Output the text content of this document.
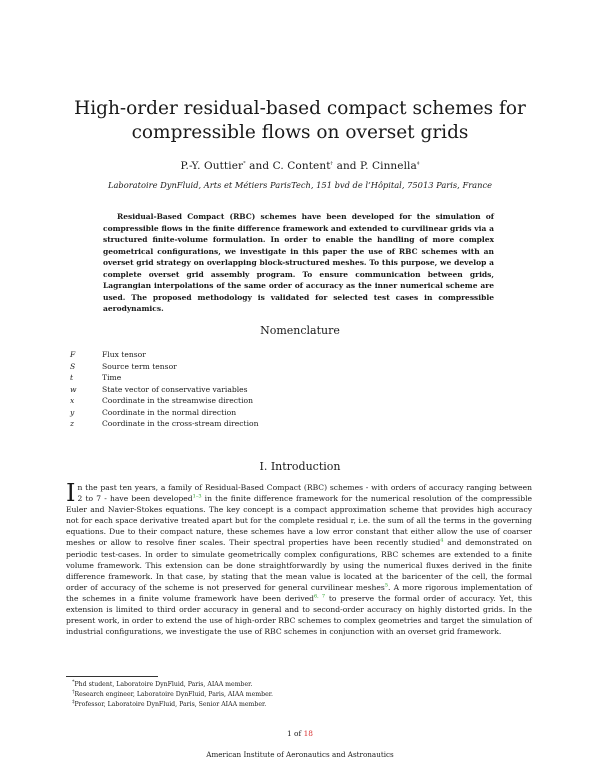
High-order residual-based compact schemes for
compressible flows on overset grids
P.-Y. Outtier* and C. Content† and P. Cinnella‡
Laboratoire DynFluid, Arts et Métiers ParisTech, 151 bvd de l’Hôpital, 75013 Paris, France

Residual-Based Compact (RBC) schemes have been developed for the simulation of compressible flows in the finite difference framework and extended to curvilinear grids via a structured finite-volume formulation. In order to enable the handling of more complex geometrical configurations, we investigate in this paper the use of RBC schemes with an overset grid strategy on overlapping block-structured meshes. To this purpose, we develop a complete overset grid assembly program. To ensure communication between grids, Lagrangian interpolations of the same order of accuracy as the inner numerical scheme are used. The proposed methodology is validated for selected test cases in compressible aerodynamics.

Nomenclature
F	Flux tensor
S	Source term tensor
t	Time
w	State vector of conservative variables
x	Coordinate in the streamwise direction
y	Coordinate in the normal direction
z	Coordinate in the cross-stream direction
I. Introduction

In the past ten years, a family of Residual-Based Compact (RBC) schemes - with orders of accuracy ranging between 2 to 7 - have been developed$^{1-3}$ in the finite difference framework for the numerical resolution of the compressible Euler and Navier-Stokes equations. The key concept is a compact approximation scheme that provides high accuracy not for each space derivative treated apart but for the complete residual r, i.e. the sum of all the terms in the governing equations. Due to their compact nature, these schemes have a low error constant that either allow the use of coarser meshes or allow to resolve finer scales. Their spectral properties have been recently studied$^4$ and demonstrated on periodic test-cases. In order to simulate geometrically complex configurations, RBC schemes are extended to a finite volume framework. This extension can be done straightforwardly by using the numerical fluxes derived in the finite difference framework. In that case, by stating that the mean value is located at the baricenter of the cell, the formal order of accuracy of the scheme is not preserved for general curvilinear meshes$^5$. A more rigorous implementation of the schemes in a finite volume framework have been derived$^{6, 7}$ to preserve the formal order of accuracy. Yet, this extension is limited to third order accuracy in general and to second-order accuracy on highly distorted grids. In the present work, in order to extend the use of high-order RBC schemes to complex geometries and target the simulation of industrial configurations, we investigate the use of RBC schemes in conjunction with an overset grid framework.

*Phd student, Laboratoire DynFluid, Paris, AIAA member.
†Research engineer, Laboratoire DynFluid, Paris, AIAA member.
‡Professor, Laboratoire DynFluid, Paris, Senior AIAA member.
1 of 18
American Institute of Aeronautics and Astronautics
